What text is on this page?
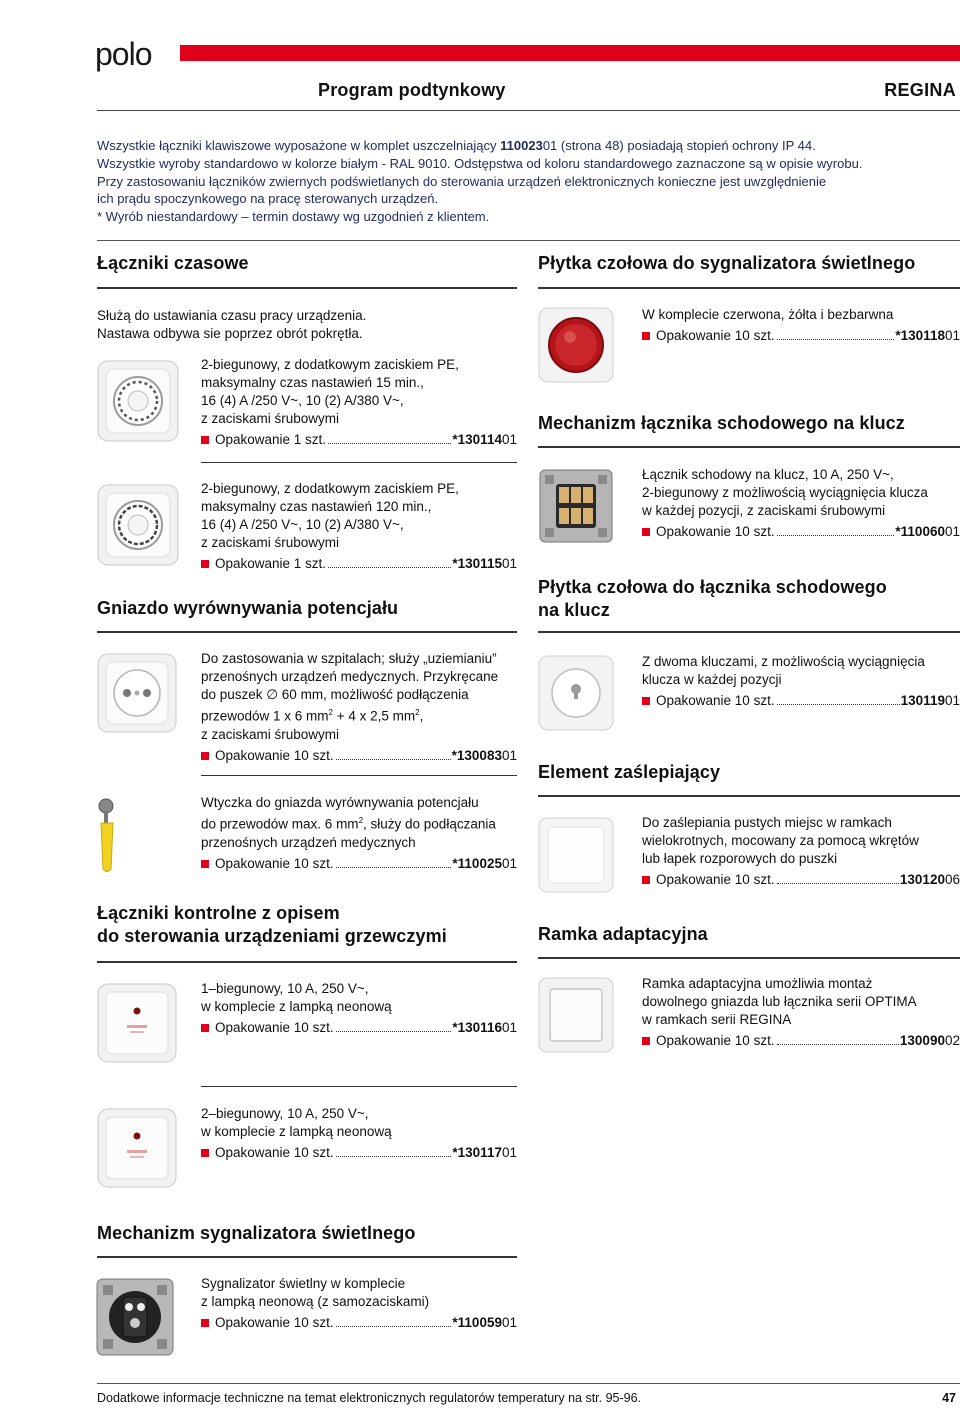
polo
Program podtynkowy	REGINA
Wszystkie łączniki klawiszowe wyposażone w komplet uszczelniający 11002301 (strona 48) posiadają stopień ochrony IP 44.
Wszystkie wyroby standardowo w kolorze białym - RAL 9010. Odstępstwa od koloru standardowego zaznaczone są w opisie wyrobu.
Przy zastosowaniu łączników zwiernych podświetlanych do sterowania urządzeń elektronicznych konieczne jest uwzględnienie
ich prądu spoczynkowego na pracę sterowanych urządzeń.
* Wyrób niestandardowy – termin dostawy wg uzgodnień z klientem.
Łączniki czasowe
Służą do ustawiania czasu pracy urządzenia.
Nastawa odbywa sie poprzez obrót pokrętła.
2-biegunowy, z dodatkowym zaciskiem PE,
maksymalny czas nastawień 15 min.,
16 (4) A /250 V~, 10 (2) A/380 V~,
z zaciskami śrubowymi
Opakowanie 1 szt.	*130114 01
2-biegunowy, z dodatkowym zaciskiem PE,
maksymalny czas nastawień 120 min.,
16 (4) A /250 V~, 10 (2) A/380 V~,
z zaciskami śrubowymi
Opakowanie 1 szt.	*130115 01
Gniazdo wyrównywania potencjału
Do zastosowania w szpitalach; służy „uziemianiu”
przenośnych urządzeń medycznych. Przykręcane
do puszek ∅ 60 mm, możliwość podłączenia
przewodów 1 x 6 $mm^2 + 4$ x 2,5 $mm^2$,
z zaciskami śrubowymi
Opakowanie 10 szt.	*130083 01
Wtyczka do gniazda wyrównywania potencjału
do przewodów max. 6 $mm^2$, służy do podłączania
przenośnych urządzeń medycznych
Opakowanie 10 szt.	*110025 01
Łączniki kontrolne z opisem
do sterowania urządzeniami grzewczymi
1–biegunowy, 10 A, 250 V~,
w komplecie z lampką neonową
Opakowanie 10 szt.	*130116 01
2–biegunowy, 10 A, 250 V~,
w komplecie z lampką neonową
Opakowanie 10 szt.	*130117 01
Mechanizm sygnalizatora świetlnego
Sygnalizator świetlny w komplecie
z lampką neonową (z samozaciskami)
Opakowanie 10 szt.	*110059 01
Płytka czołowa do sygnalizatora świetlnego
W komplecie czerwona, żółta i bezbarwna
Opakowanie 10 szt.	*130118 01
Mechanizm łącznika schodowego na klucz
Łącznik schodowy na klucz, 10 A, 250 V~,
2-biegunowy z możliwością wyciągnięcia klucza
w każdej pozycji, z zaciskami śrubowymi
Opakowanie 10 szt.	*110060 01
Płytka czołowa do łącznika schodowego
na klucz
Z dwoma kluczami, z możliwością wyciągnięcia
klucza w każdej pozycji
Opakowanie 10 szt.	130119 01
Element zaślepiający
Do zaślepiania pustych miejsc w ramkach
wielokrotnych, mocowany za pomocą wkrętów
lub łapek rozporowych do puszki
Opakowanie 10 szt.	130120 06
Ramka adaptacyjna
Ramka adaptacyjna umożliwia montaż
dowolnego gniazda lub łącznika serii OPTIMA
w ramkach serii REGINA
Opakowanie 10 szt.	130090 02
Dodatkowe informacje techniczne na temat elektronicznych regulatorów temperatury na str. 95-96.	47
